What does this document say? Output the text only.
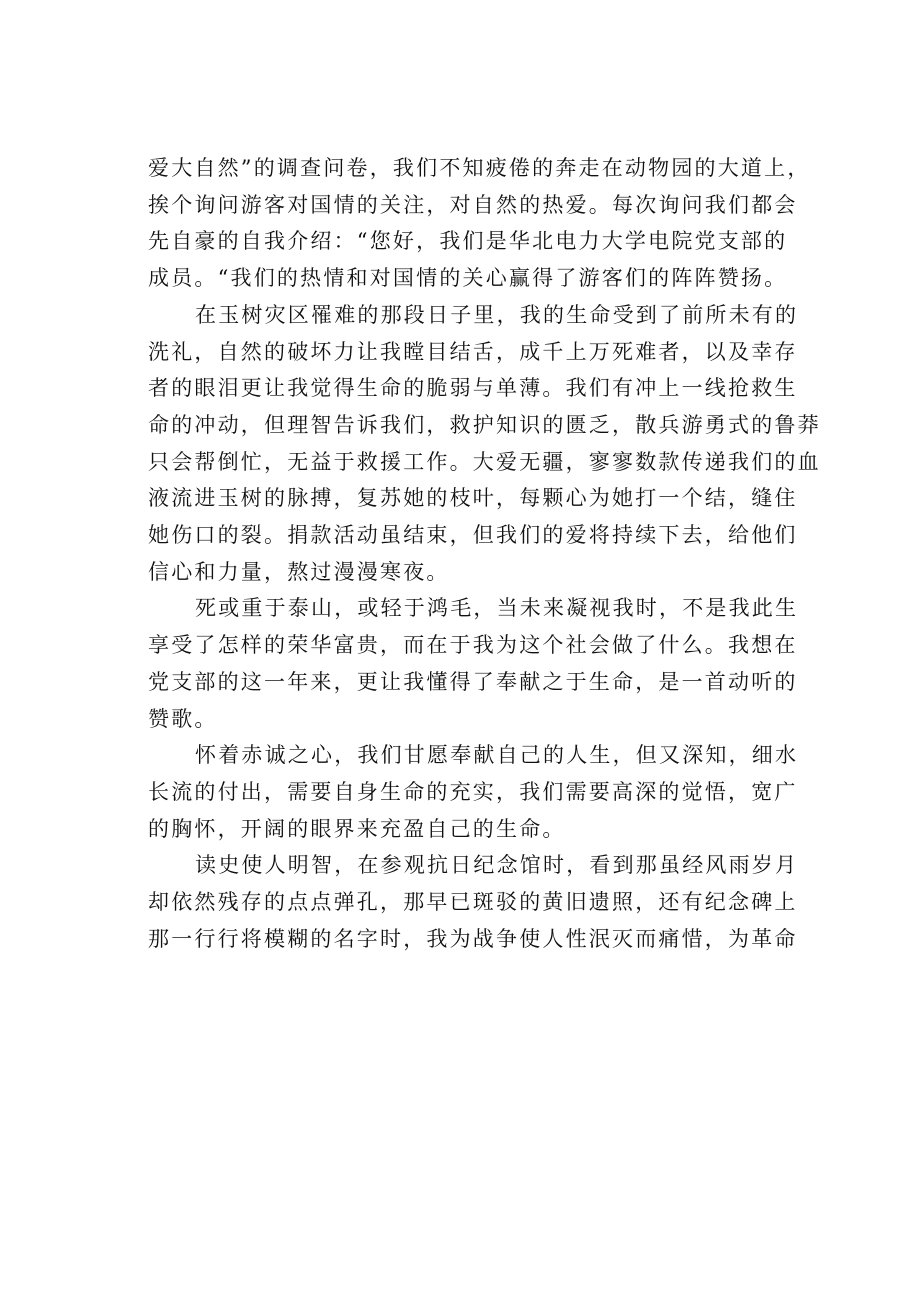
爱大自然”的调查问卷，我们不知疲倦的奔走在动物园的大道上，
挨个询问游客对国情的关注，对自然的热爱。每次询问我们都会
先自豪的自我介绍：“您好，我们是华北电力大学电院党支部的
成员。“我们的热情和对国情的关心赢得了游客们的阵阵赞扬。

在玉树灾区罹难的那段日子里，我的生命受到了前所未有的
洗礼，自然的破坏力让我瞠目结舌，成千上万死难者，以及幸存
者的眼泪更让我觉得生命的脆弱与单薄。我们有冲上一线抢救生
命的冲动，但理智告诉我们，救护知识的匮乏，散兵游勇式的鲁莽
只会帮倒忙，无益于救援工作。大爱无疆，寥寥数款传递我们的血
液流进玉树的脉搏，复苏她的枝叶，每颗心为她打一个结，缝住
她伤口的裂。捐款活动虽结束，但我们的爱将持续下去，给他们
信心和力量，熬过漫漫寒夜。

死或重于泰山，或轻于鸿毛，当未来凝视我时，不是我此生
享受了怎样的荣华富贵，而在于我为这个社会做了什么。我想在
党支部的这一年来，更让我懂得了奉献之于生命，是一首动听的
赞歌。

怀着赤诚之心，我们甘愿奉献自己的人生，但又深知，细水
长流的付出，需要自身生命的充实，我们需要高深的觉悟，宽广
的胸怀，开阔的眼界来充盈自己的生命。

读史使人明智，在参观抗日纪念馆时，看到那虽经风雨岁月
却依然残存的点点弹孔，那早已斑驳的黄旧遗照，还有纪念碑上
那一行行将模糊的名字时，我为战争使人性泯灭而痛惜，为革命
